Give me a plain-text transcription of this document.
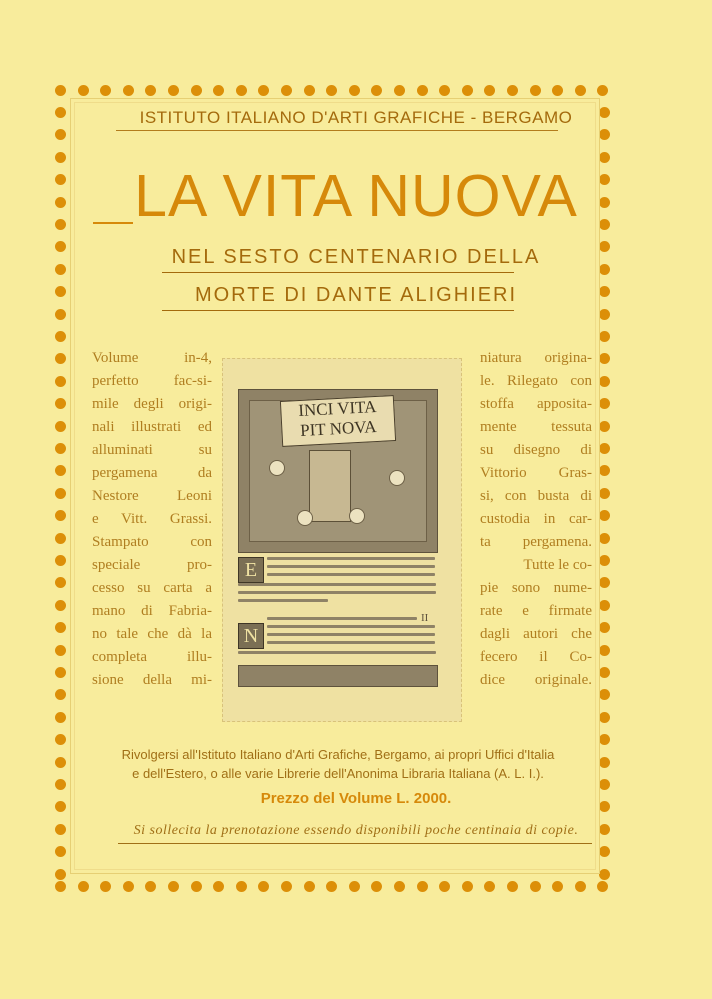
ISTITUTO ITALIANO D'ARTI GRAFICHE - BERGAMO
LA VITA NUOVA
NEL SESTO CENTENARIO DELLA
MORTE DI DANTE ALIGHIERI
Volume in-4,
perfetto fac-si-
mile degli origi-
nali illustrati ed
alluminati su
pergamena da
Nestore Leoni
e Vitt. Grassi.
Stampato con
speciale pro-
cesso su carta a
mano di Fabria-
no tale che dà la
completa illu-
sione della mi-
niatura origina-
le. Rilegato con
stoffa apposita-
mente tessuta
su disegno di
Vittorio Gras-
si, con busta di
custodia in car-
ta pergamena.
Tutte le co-
pie sono nume-
rate e firmate
dagli autori che
fecero il Co-
dice originale.
INCI VITA
PIT NOVA
E
II
N
Rivolgersi all'Istituto Italiano d'Arti Grafiche, Bergamo, ai propri Uffici d'Italia
e dell'Estero, o alle varie Librerie dell'Anonima Libraria Italiana (A. L. I.).
Prezzo del Volume L. 2000.
Si sollecita la prenotazione essendo disponibili poche centinaia di copie.
